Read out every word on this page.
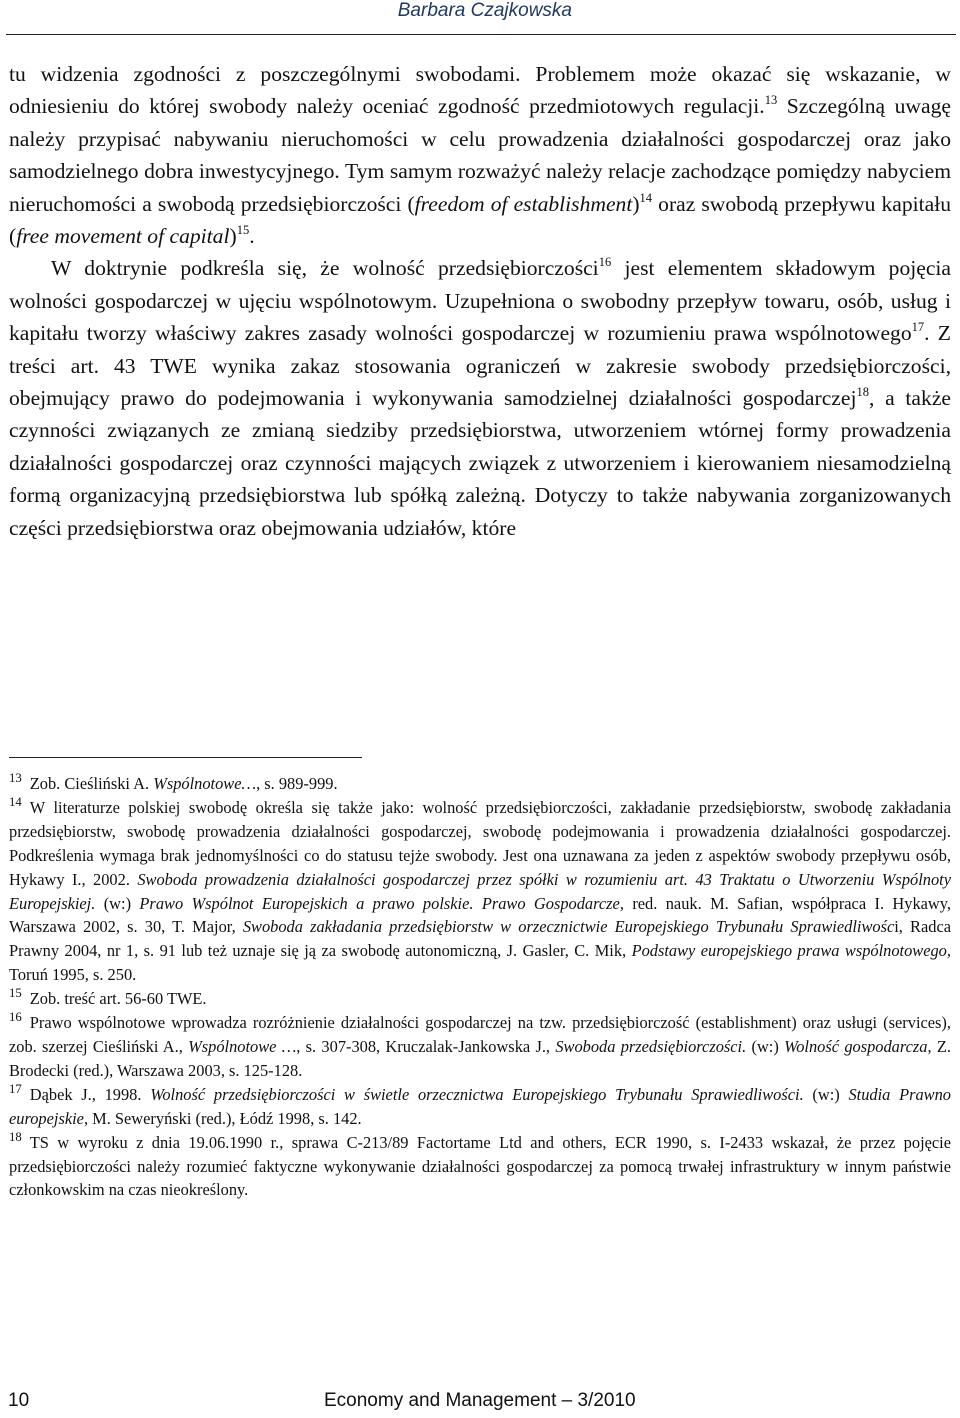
Barbara Czajkowska

tu widzenia zgodności z poszczególnymi swobodami. Problemem może okazać się wskazanie, w odniesieniu do której swobody należy oceniać zgodność przedmiotowych regulacji.$^{13}$ Szczególną uwagę należy przypisać nabywaniu nieruchomości w celu prowadzenia działalności gospodarczej oraz jako samodzielnego dobra inwestycyjnego. Tym samym rozważyć należy relacje zachodzące pomiędzy nabyciem nieruchomości a swobodą przedsiębiorczości (freedom of establishment)$^{14}$ oraz swobodą przepływu kapitału (free movement of capital)$^{15}$.

W doktrynie podkreśla się, że wolność przedsiębiorczości$^{16}$ jest elementem składowym pojęcia wolności gospodarczej w ujęciu wspólnotowym. Uzupełniona o swobodny przepływ towaru, osób, usług i kapitału tworzy właściwy zakres zasady wolności gospodarczej w rozumieniu prawa wspólnotowego$^{17}$. Z treści art. 43 TWE wynika zakaz stosowania ograniczeń w zakresie swobody przedsiębiorczości, obejmujący prawo do podejmowania i wykonywania samodzielnej działalności gospodarczej$^{18}$, a także czynności związanych ze zmianą siedziby przedsiębiorstwa, utworzeniem wtórnej formy prowadzenia działalności gospodarczej oraz czynności mających związek z utworzeniem i kierowaniem niesamodzielną formą organizacyjną przedsiębiorstwa lub spółką zależną. Dotyczy to także nabywania zorganizowanych części przedsiębiorstwa oraz obejmowania udziałów, które

$^{13}$ Zob. Cieśliński A. Wspólnotowe…, s. 989-999.

$^{14}$ W literaturze polskiej swobodę określa się także jako: wolność przedsiębiorczości, zakładanie przedsiębiorstw, swobodę zakładania przedsiębiorstw, swobodę prowadzenia działalności gospodarczej, swobodę podejmowania i prowadzenia działalności gospodarczej. Podkreślenia wymaga brak jednomyślności co do statusu tejże swobody. Jest ona uznawana za jeden z aspektów swobody przepływu osób, Hykawy I., 2002. Swoboda prowadzenia działalności gospodarczej przez spółki w rozumieniu art. 43 Traktatu o Utworzeniu Wspólnoty Europejskiej. (w:) Prawo Wspólnot Europejskich a prawo polskie. Prawo Gospodarcze, red. nauk. M. Safian, współpraca I. Hykawy, Warszawa 2002, s. 30, T. Major, Swoboda zakładania przedsiębiorstw w orzecznictwie Europejskiego Trybunału Sprawiedliwości, Radca Prawny 2004, nr 1, s. 91 lub też uznaje się ją za swobodę autonomiczną, J. Gasler, C. Mik, Podstawy europejskiego prawa wspólnotowego, Toruń 1995, s. 250.

$^{15}$ Zob. treść art. 56-60 TWE.

$^{16}$ Prawo wspólnotowe wprowadza rozróżnienie działalności gospodarczej na tzw. przedsiębiorczość (establishment) oraz usługi (services), zob. szerzej Cieśliński A., Wspólnotowe …, s. 307-308, Kruczalak-Jankowska J., Swoboda przedsiębiorczości. (w:) Wolność gospodarcza, Z. Brodecki (red.), Warszawa 2003, s. 125-128.

$^{17}$ Dąbek J., 1998. Wolność przedsiębiorczości w świetle orzecznictwa Europejskiego Trybunału Sprawiedliwości. (w:) Studia Prawno europejskie, M. Seweryński (red.), Łódź 1998, s. 142.

$^{18}$ TS w wyroku z dnia 19.06.1990 r., sprawa C-213/89 Factortame Ltd and others, ECR 1990, s. I-2433 wskazał, że przez pojęcie przedsiębiorczości należy rozumieć faktyczne wykonywanie działalności gospodarczej za pomocą trwałej infrastruktury w innym państwie członkowskim na czas nieokreślony.

10	Economy and Management – 3/2010
